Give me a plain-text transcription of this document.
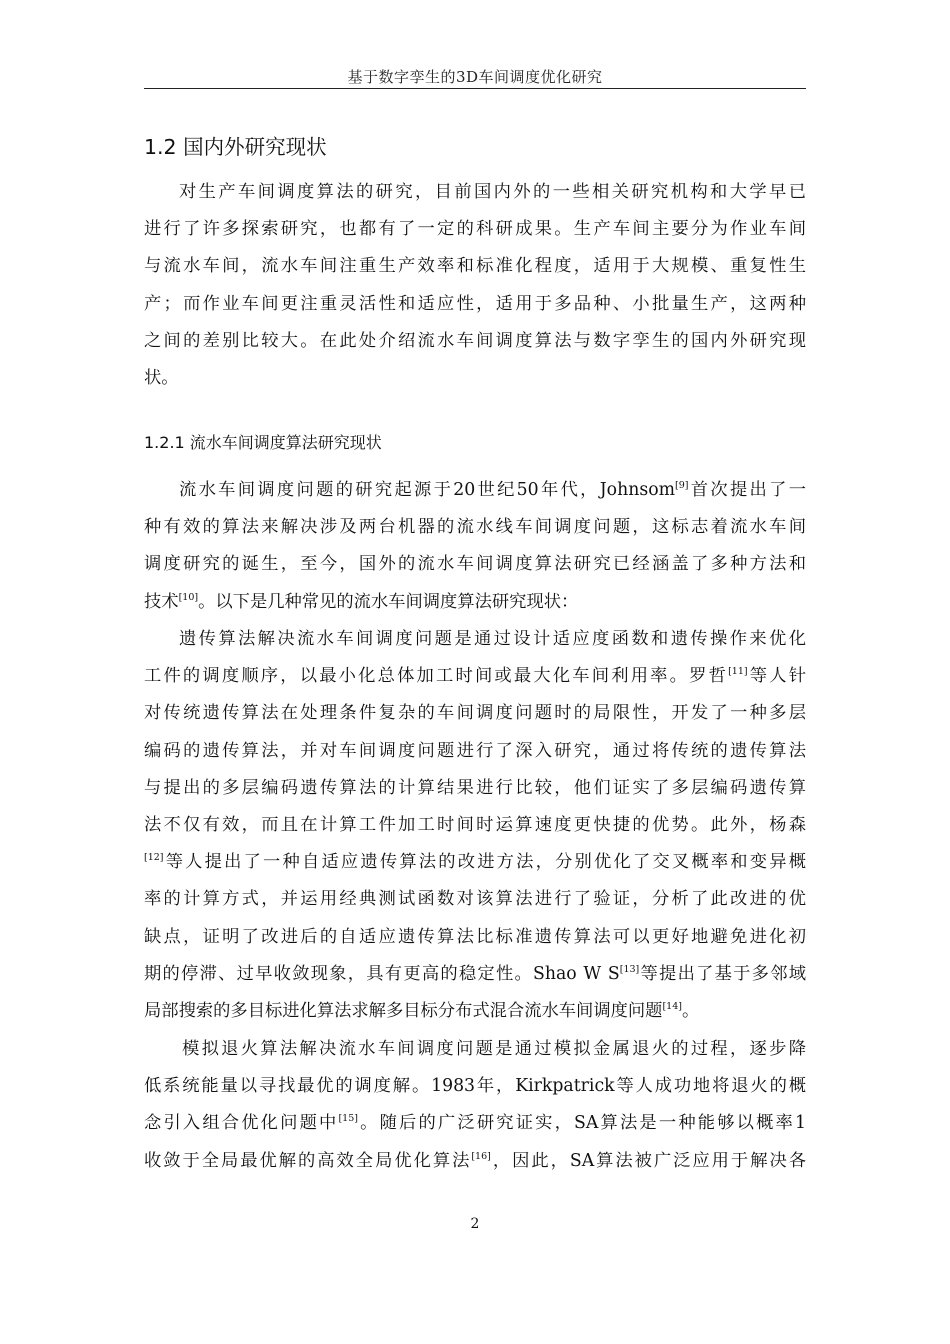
基于数字孪生的3D车间调度优化研究
1.2 国内外研究现状
对生产车间调度算法的研究，目前国内外的一些相关研究机构和大学早已
进行了许多探索研究，也都有了一定的科研成果。生产车间主要分为作业车间
与流水车间，流水车间注重生产效率和标准化程度，适用于大规模、重复性生
产；而作业车间更注重灵活性和适应性，适用于多品种、小批量生产，这两种
之间的差别比较大。在此处介绍流水车间调度算法与数字孪生的国内外研究现
状。
1.2.1 流水车间调度算法研究现状
流水车间调度问题的研究起源于20世纪50年代，Johnsom[9]首次提出了一
种有效的算法来解决涉及两台机器的流水线车间调度问题，这标志着流水车间
调度研究的诞生，至今，国外的流水车间调度算法研究已经涵盖了多种方法和
技术[10]。以下是几种常见的流水车间调度算法研究现状：
遗传算法解决流水车间调度问题是通过设计适应度函数和遗传操作来优化
工件的调度顺序，以最小化总体加工时间或最大化车间利用率。罗哲[11]等人针
对传统遗传算法在处理条件复杂的车间调度问题时的局限性，开发了一种多层
编码的遗传算法，并对车间调度问题进行了深入研究，通过将传统的遗传算法
与提出的多层编码遗传算法的计算结果进行比较，他们证实了多层编码遗传算
法不仅有效，而且在计算工件加工时间时运算速度更快捷的优势。此外，杨森
[12]等人提出了一种自适应遗传算法的改进方法，分别优化了交叉概率和变异概
率的计算方式，并运用经典测试函数对该算法进行了验证，分析了此改进的优
缺点，证明了改进后的自适应遗传算法比标准遗传算法可以更好地避免进化初
期的停滞、过早收敛现象，具有更高的稳定性。Shao W S[13]等提出了基于多邻域
局部搜索的多目标进化算法求解多目标分布式混合流水车间调度问题[14]。
模拟退火算法解决流水车间调度问题是通过模拟金属退火的过程，逐步降
低系统能量以寻找最优的调度解。1983年，Kirkpatrick等人成功地将退火的概
念引入组合优化问题中[15]。随后的广泛研究证实，SA算法是一种能够以概率1
收敛于全局最优解的高效全局优化算法[16]，因此，SA算法被广泛应用于解决各
2
